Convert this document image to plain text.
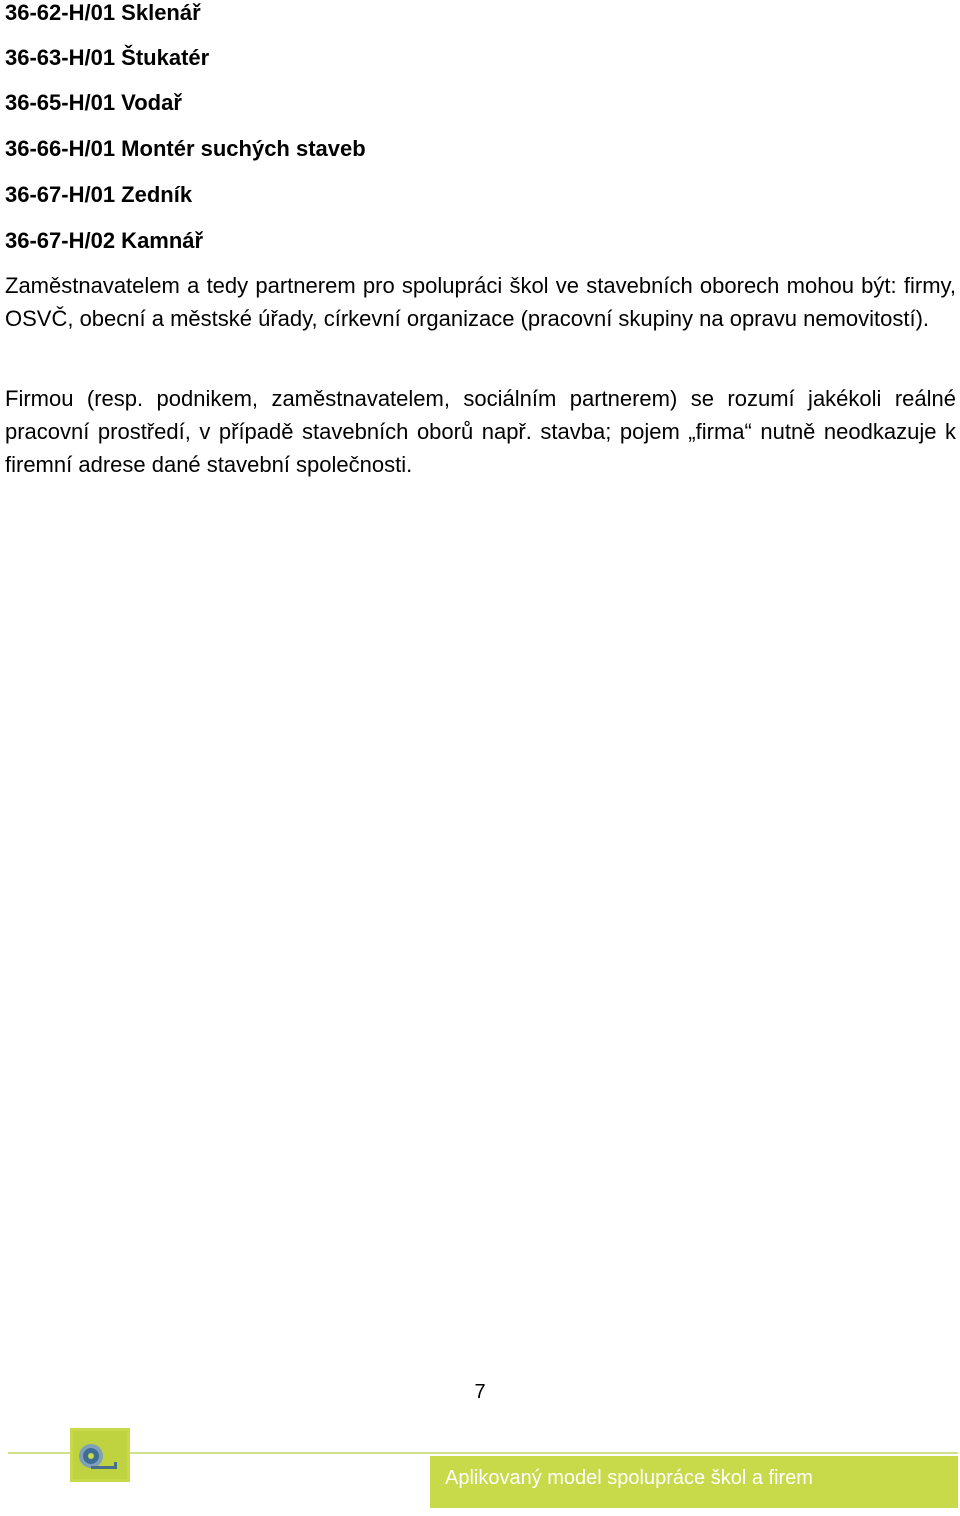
36-62-H/01 Sklenář
36-63-H/01 Štukatér
36-65-H/01 Vodař
36-66-H/01 Montér suchých staveb
36-67-H/01 Zedník
36-67-H/02 Kamnář

Zaměstnavatelem a tedy partnerem pro spolupráci škol ve stavebních oborech mohou být: firmy, OSVČ, obecní a městské úřady, církevní organizace (pracovní skupiny na opravu nemovitostí).

Firmou (resp. podnikem, zaměstnavatelem, sociálním partnerem) se rozumí jakékoli reálné pracovní prostředí, v případě stavebních oborů např. stavba; pojem „firma“ nutně neodkazuje k firemní adrese dané stavební společnosti.

7
Aplikovaný model spolupráce škol a firem
